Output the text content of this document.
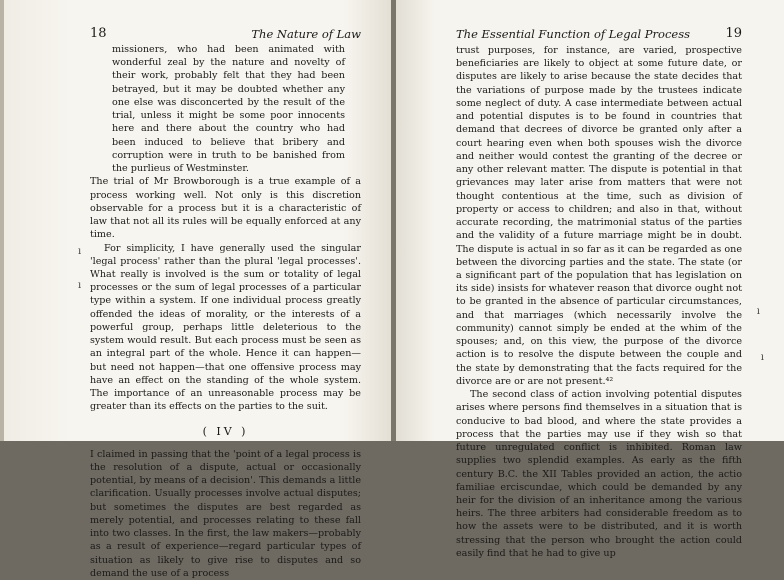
18	The Nature of Law

missioners, who had been animated with wonderful zeal by the nature and novelty of their work, probably felt that they had been betrayed, but it may be doubted whether any one else was disconcerted by the result of the trial, unless it might be some poor innocents here and there about the country who had been induced to believe that bribery and corruption were in truth to be banished from the purlieus of Westminster.

The trial of Mr Browborough is a true example of a process working well. Not only is this discretion observable for a process but it is a characteristic of law that not all its rules will be equally enforced at any time.

For simplicity, I have generally used the singular 'legal process' rather than the plural 'legal processes'. What really is involved is the sum or totality of legal processes or the sum of legal processes of a particular type within a system. If one individual process greatly offended the ideas of morality, or the interests of a powerful group, perhaps little deleterious to the system would result. But each process must be seen as an integral part of the whole. Hence it can happen—but need not happen—that one offensive process may have an effect on the standing of the whole system. The importance of an unreasonable process may be greater than its effects on the parties to the suit.

( IV )

I claimed in passing that the 'point of a legal process is the resolution of a dispute, actual or occasionally potential, by means of a decision'. This demands a little clarification. Usually processes involve actual disputes; but sometimes the disputes are best regarded as merely potential, and processes relating to these fall into two classes. In the first, the law makers—probably as a result of experience—regard particular types of situation as likely to give rise to disputes and so demand the use of a process

ı
ı
The Essential Function of Legal Process	19

trust purposes, for instance, are varied, prospective beneficiaries are likely to object at some future date, or disputes are likely to arise because the state decides that the variations of purpose made by the trustees indicate some neglect of duty. A case intermediate between actual and potential disputes is to be found in countries that demand that decrees of divorce be granted only after a court hearing even when both spouses wish the divorce and neither would contest the granting of the decree or any other relevant matter. The dispute is potential in that grievances may later arise from matters that were not thought contentious at the time, such as division of property or access to children; and also in that, without accurate recording, the matrimonial status of the parties and the validity of a future marriage might be in doubt. The dispute is actual in so far as it can be regarded as one between the divorcing parties and the state. The state (or a significant part of the population that has legislation on its side) insists for whatever reason that divorce ought not to be granted in the absence of particular circumstances, and that marriages (which necessarily involve the community) cannot simply be ended at the whim of the spouses; and, on this view, the purpose of the divorce action is to resolve the dispute between the couple and the state by demonstrating that the facts required for the divorce are or are not present.⁴²

The second class of action involving potential disputes arises where persons find themselves in a situation that is conducive to bad blood, and where the state provides a process that the parties may use if they wish so that future unregulated conflict is inhibited. Roman law supplies two splendid examples. As early as the fifth century B.C. the XII Tables provided an action, the actio familiae erciscundae, which could be demanded by any heir for the division of an inheritance among the various heirs. The three arbiters had considerable freedom as to how the assets were to be distributed, and it is worth stressing that the person who brought the action could easily find that he had to give up

ı
ı
